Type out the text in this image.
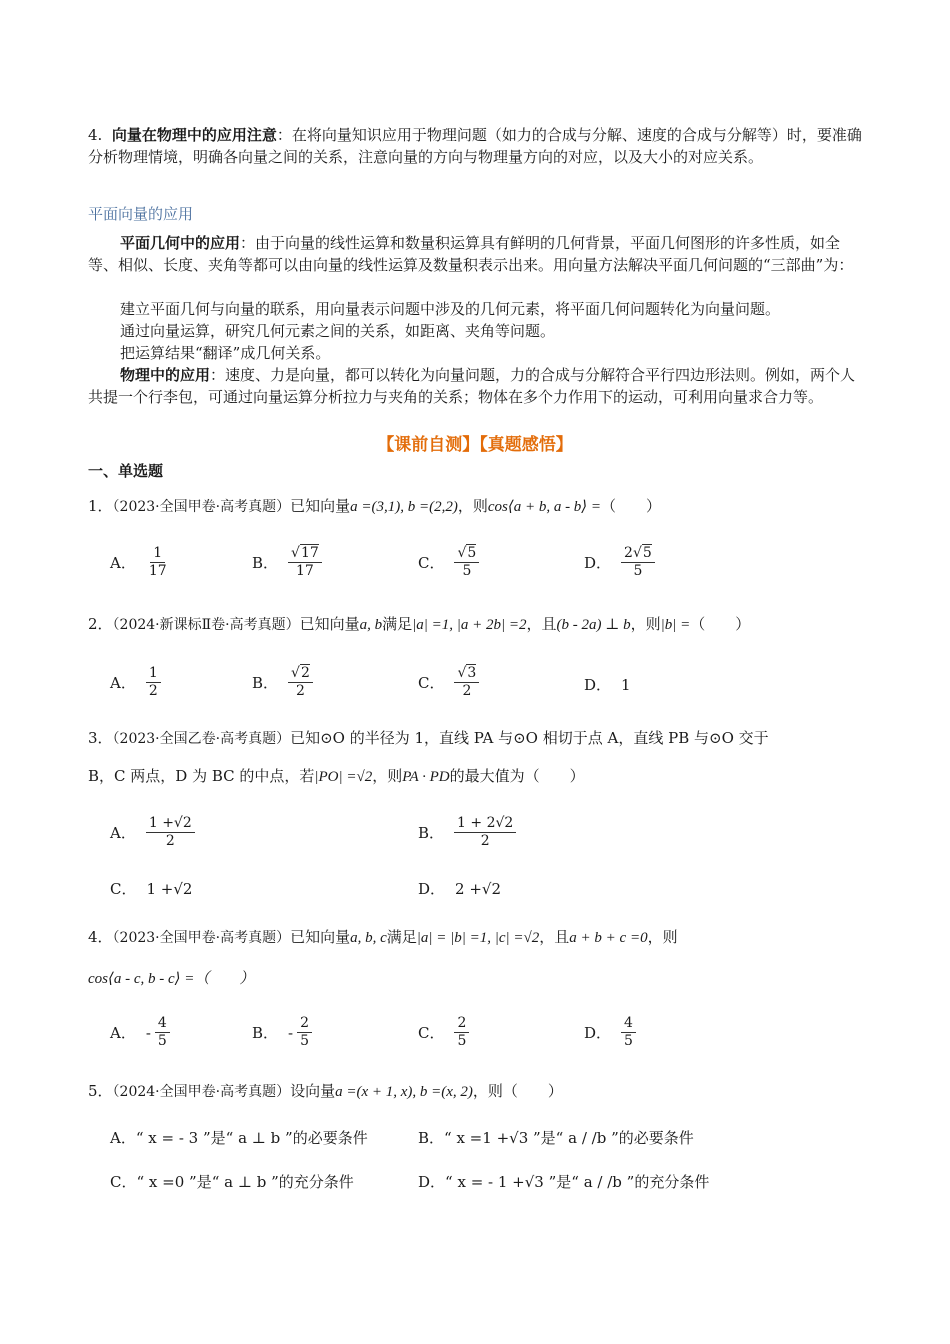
4. 向量在物理中的应用注意：在将向量知识应用于物理问题（如力的合成与分解、速度的合成与分解等）时，要准确分析物理情境，明确各向量之间的关系，注意向量的方向与物理量方向的对应，以及大小的对应关系。
平面向量的应用
平面几何中的应用：由于向量的线性运算和数量积运算具有鲜明的几何背景，平面几何图形的许多性质，如全等、相似、长度、夹角等都可以由向量的线性运算及数量积表示出来。用向量方法解决平面几何问题的“三部曲”为：
建立平面几何与向量的联系，用向量表示问题中涉及的几何元素，将平面几何问题转化为向量问题。
通过向量运算，研究几何元素之间的关系，如距离、夹角等问题。
把运算结果“翻译”成几何关系。
物理中的应用：速度、力是向量，都可以转化为向量问题，力的合成与分解符合平行四边形法则。例如，两个人共提一个行李包，可通过向量运算分析拉力与夹角的关系；物体在多个力作用下的运动，可利用向量求合力等。
【课前自测】【真题感悟】
一、单选题
1．（2023·全国甲卷·高考真题）已知向量a =(3,1), b =(2,2)，则cos⟨a + b, a - b⟩ =（　　）
A． $\frac{1}{17}$	B． $\frac{√17}{17}$	C． $\frac{√5}{5}$	D． $\frac{2√5}{5}$
2．（2024·新课标Ⅱ卷·高考真题）已知向量a, b满足|a| =1, |a + 2b| =2，且(b - 2a) ⊥ b，则|b| =（　　）
A． $\frac{1}{2}$	B． $\frac{√2}{2}$	C． $\frac{√3}{2}$	D． 1
3．（2023·全国乙卷·高考真题）已知⊙O 的半径为 1，直线 PA 与⊙O 相切于点 A，直线 PB 与⊙O 交于
B，C 两点，D 为 BC 的中点，若|PO| =√2，则PA · PD的最大值为（　　）
A． $\frac{1 +√2}{2}$	B． $\frac{1 + 2√2}{2}$
C． 1 +√2	D． 2 +√2
4．（2023·全国甲卷·高考真题）已知向量a, b, c满足|a| = |b| =1, |c| =√2，且a + b + c =0，则
cos⟨a - c, b - c⟩ =（　　）
A． - $\frac{4}{5}$	B． - $\frac{2}{5}$	C． $\frac{2}{5}$	D． $\frac{4}{5}$
5．（2024·全国甲卷·高考真题）设向量a =(x + 1, x), b =(x, 2)，则（　　）
A．“ x = - 3 ”是“ a ⊥ b ”的必要条件	B．“ x =1 +√3 ”是“ a / /b ”的必要条件
C．“ x =0 ”是“ a ⊥ b ”的充分条件	D．“ x = - 1 +√3 ”是“ a / /b ”的充分条件
